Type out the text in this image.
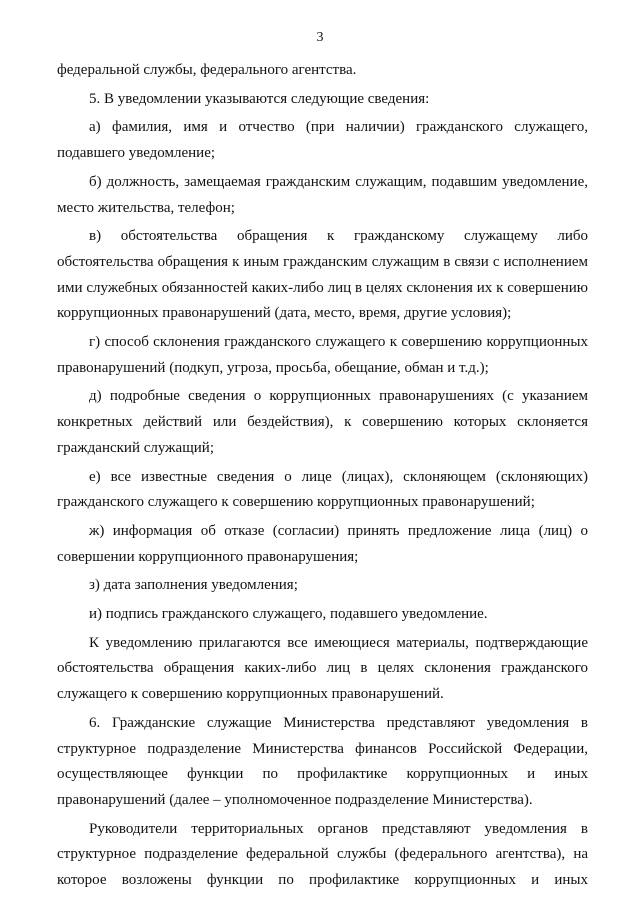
3

федеральной службы, федерального агентства.

5. В уведомлении указываются следующие сведения:

а) фамилия, имя и отчество (при наличии) гражданского служащего, подавшего уведомление;

б) должность, замещаемая гражданским служащим, подавшим уведомление, место жительства, телефон;

в) обстоятельства обращения к гражданскому служащему либо обстоятельства обращения к иным гражданским служащим в связи с исполнением ими служебных обязанностей каких-либо лиц в целях склонения их к совершению коррупционных правонарушений (дата, место, время, другие условия);

г) способ склонения гражданского служащего к совершению коррупционных правонарушений (подкуп, угроза, просьба, обещание, обман и т.д.);

д) подробные сведения о коррупционных правонарушениях (с указанием конкретных действий или бездействия), к совершению которых склоняется гражданский служащий;

е) все известные сведения о лице (лицах), склоняющем (склоняющих) гражданского служащего к совершению коррупционных правонарушений;

ж) информация об отказе (согласии) принять предложение лица (лиц) о совершении коррупционного правонарушения;

з) дата заполнения уведомления;

и) подпись гражданского служащего, подавшего уведомление.

К уведомлению прилагаются все имеющиеся материалы, подтверждающие обстоятельства обращения каких-либо лиц в целях склонения гражданского служащего к совершению коррупционных правонарушений.

6. Гражданские служащие Министерства представляют уведомления в структурное подразделение Министерства финансов Российской Федерации, осуществляющее функции по профилактике коррупционных и иных правонарушений (далее – уполномоченное подразделение Министерства).

Руководители территориальных органов представляют уведомления в структурное подразделение федеральной службы (федерального агентства), на которое возложены функции по профилактике коррупционных и иных
